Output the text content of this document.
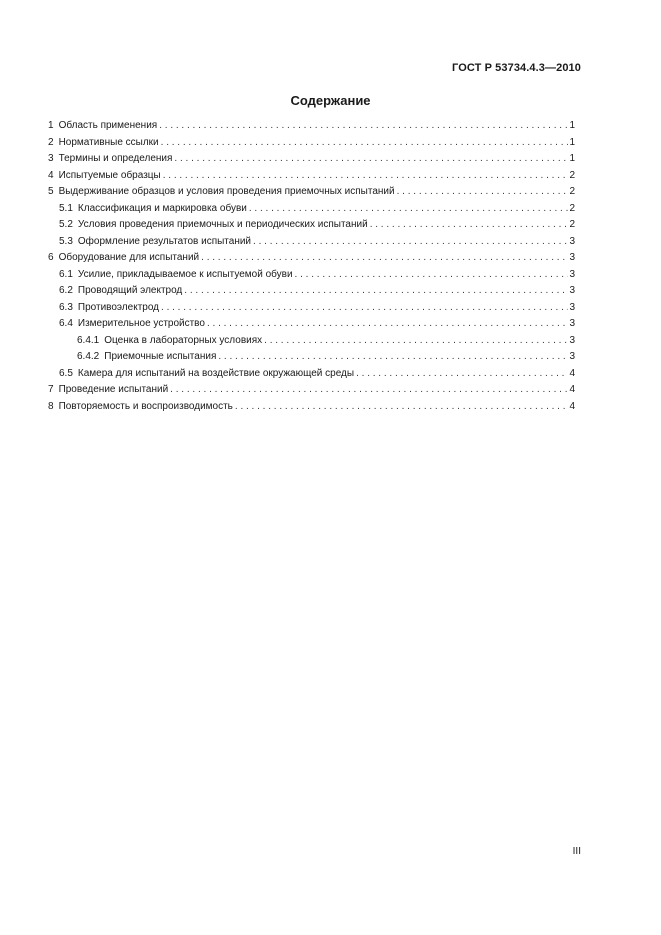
ГОСТ Р 53734.4.3—2010
Содержание
1 Область применения . . .	1
2 Нормативные ссылки . . .	1
3 Термины и определения . . .	1
4 Испытуемые образцы . . .	2
5 Выдерживание образцов и условия проведения приемочных испытаний . . .	2
5.1 Классификация и маркировка обуви . . .	2
5.2 Условия проведения приемочных и периодических испытаний . . .	2
5.3 Оформление результатов испытаний . . .	3
6 Оборудование для испытаний . . .	3
6.1 Усилие, прикладываемое к испытуемой обуви . . .	3
6.2 Проводящий электрод . . .	3
6.3 Противоэлектрод . . .	3
6.4 Измерительное устройство . . .	3
6.4.1 Оценка в лабораторных условиях . . .	3
6.4.2 Приемочные испытания . . .	3
6.5 Камера для испытаний на воздействие окружающей среды . . .	4
7 Проведение испытаний . . .	4
8 Повторяемость и воспроизводимость . . .	4
III
